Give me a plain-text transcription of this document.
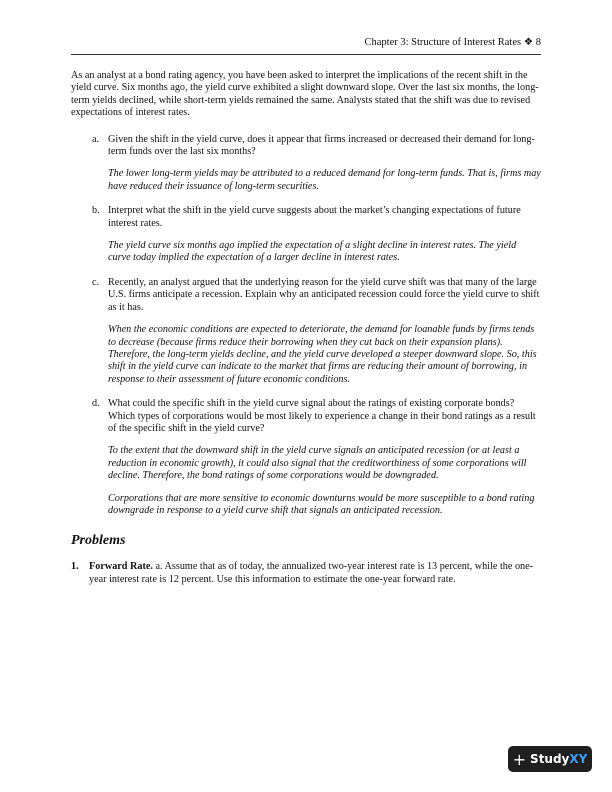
Chapter 3: Structure of Interest Rates ❖ 8

As an analyst at a bond rating agency, you have been asked to interpret the implications of the recent shift in the yield curve. Six months ago, the yield curve exhibited a slight downward slope. Over the last six months, the long-term yields declined, while short-term yields remained the same. Analysts stated that the shift was due to revised expectations of interest rates.

a. Given the shift in the yield curve, does it appear that firms increased or decreased their demand for long-term funds over the last six months?

The lower long-term yields may be attributed to a reduced demand for long-term funds. That is, firms may have reduced their issuance of long-term securities.

b. Interpret what the shift in the yield curve suggests about the market’s changing expectations of future interest rates.

The yield curve six months ago implied the expectation of a slight decline in interest rates. The yield curve today implied the expectation of a larger decline in interest rates.

c. Recently, an analyst argued that the underlying reason for the yield curve shift was that many of the large U.S. firms anticipate a recession. Explain why an anticipated recession could force the yield curve to shift as it has.

When the economic conditions are expected to deteriorate, the demand for loanable funds by firms tends to decrease (because firms reduce their borrowing when they cut back on their expansion plans). Therefore, the long-term yields decline, and the yield curve developed a steeper downward slope. So, this shift in the yield curve can indicate to the market that firms are reducing their amount of borrowing, in response to their assessment of future economic conditions.

d. What could the specific shift in the yield curve signal about the ratings of existing corporate bonds? Which types of corporations would be most likely to experience a change in their bond ratings as a result of the specific shift in the yield curve?

To the extent that the downward shift in the yield curve signals an anticipated recession (or at least a reduction in economic growth), it could also signal that the creditworthiness of some corporations will decline. Therefore, the bond ratings of some corporations would be downgraded.

Corporations that are more sensitive to economic downturns would be more susceptible to a bond rating downgrade in response to a yield curve shift that signals an anticipated recession.

Problems
1. Forward Rate. a. Assume that as of today, the annualized two-year interest rate is 13 percent, while the one-year interest rate is 12 percent. Use this information to estimate the one-year forward rate.
+ Study XY
